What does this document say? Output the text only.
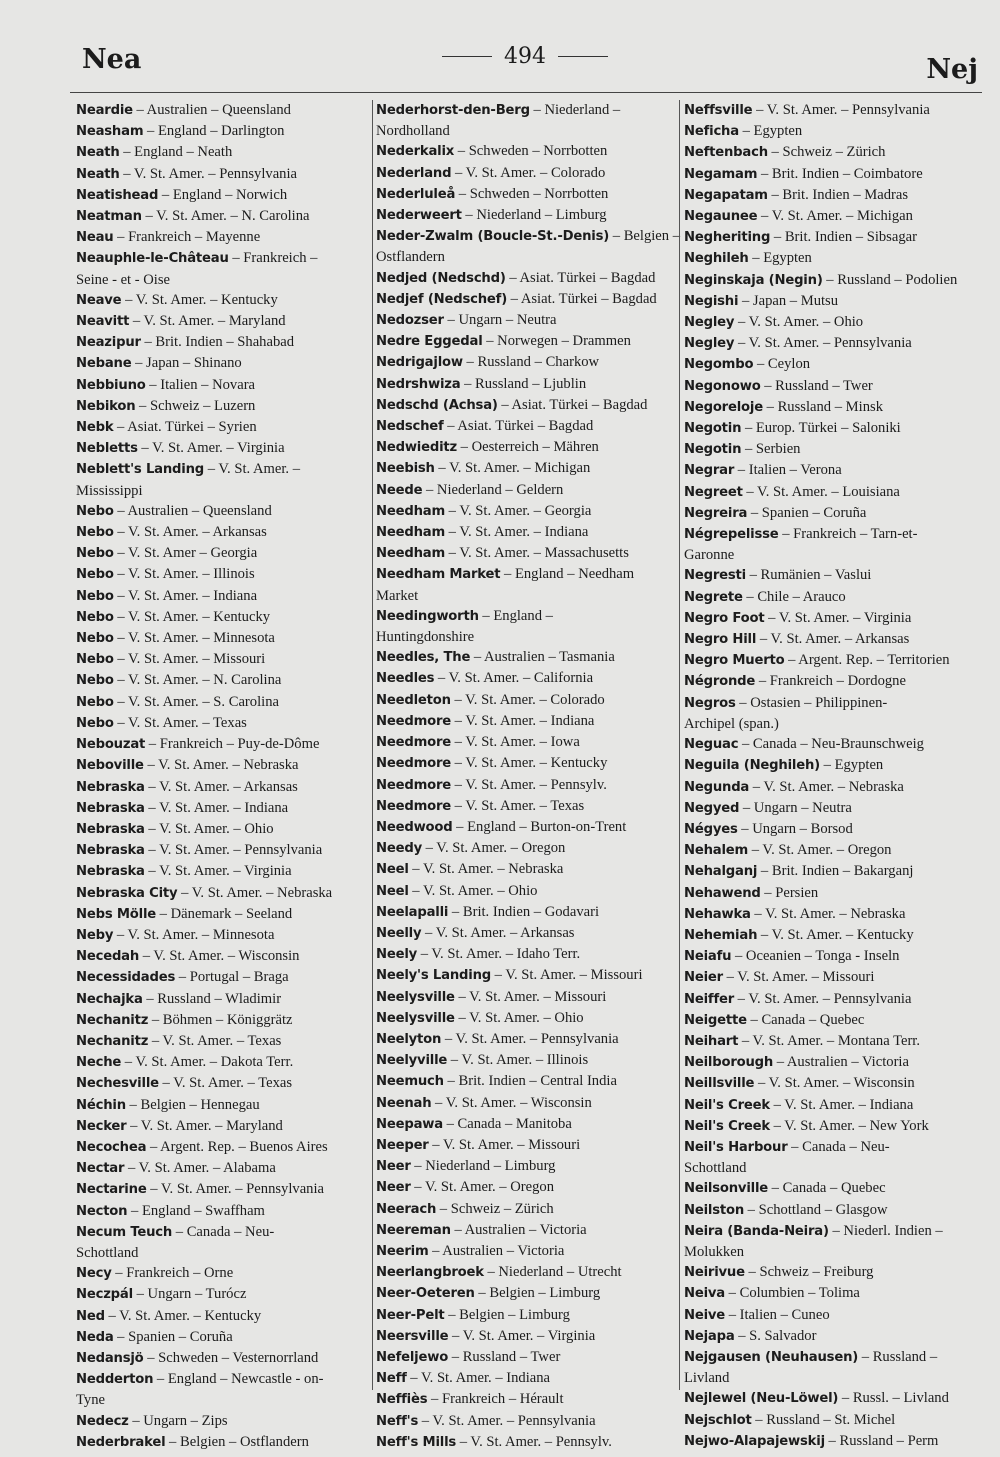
Nea	494	Nej
Neardie – Australien – Queensland
Neasham – England – Darlington
Neath – England – Neath
Neath – V. St. Amer. – Pennsylvania
Neatishead – England – Norwich
Neatman – V. St. Amer. – N. Carolina
Neau – Frankreich – Mayenne
Neauphle-le-Château – Frankreich –
Seine - et - Oise
Neave – V. St. Amer. – Kentucky
Neavitt – V. St. Amer. – Maryland
Neazipur – Brit. Indien – Shahabad
Nebane – Japan – Shinano
Nebbiuno – Italien – Novara
Nebikon – Schweiz – Luzern
Nebk – Asiat. Türkei – Syrien
Nebletts – V. St. Amer. – Virginia
Neblett's Landing – V. St. Amer. –
Mississippi
Nebo – Australien – Queensland
Nebo – V. St. Amer. – Arkansas
Nebo – V. St. Amer – Georgia
Nebo – V. St. Amer. – Illinois
Nebo – V. St. Amer. – Indiana
Nebo – V. St. Amer. – Kentucky
Nebo – V. St. Amer. – Minnesota
Nebo – V. St. Amer. – Missouri
Nebo – V. St. Amer. – N. Carolina
Nebo – V. St. Amer. – S. Carolina
Nebo – V. St. Amer. – Texas
Nebouzat – Frankreich – Puy-de-Dôme
Neboville – V. St. Amer. – Nebraska
Nebraska – V. St. Amer. – Arkansas
Nebraska – V. St. Amer. – Indiana
Nebraska – V. St. Amer. – Ohio
Nebraska – V. St. Amer. – Pennsylvania
Nebraska – V. St. Amer. – Virginia
Nebraska City – V. St. Amer. – Nebraska
Nebs Mölle – Dänemark – Seeland
Neby – V. St. Amer. – Minnesota
Necedah – V. St. Amer. – Wisconsin
Necessidades – Portugal – Braga
Nechajka – Russland – Wladimir
Nechanitz – Böhmen – Königgrätz
Nechanitz – V. St. Amer. – Texas
Neche – V. St. Amer. – Dakota Terr.
Nechesville – V. St. Amer. – Texas
Néchin – Belgien – Hennegau
Necker – V. St. Amer. – Maryland
Necochea – Argent. Rep. – Buenos Aires
Nectar – V. St. Amer. – Alabama
Nectarine – V. St. Amer. – Pennsylvania
Necton – England – Swaffham
Necum Teuch – Canada – Neu-
Schottland
Necy – Frankreich – Orne
Neczpál – Ungarn – Turócz
Ned – V. St. Amer. – Kentucky
Neda – Spanien – Coruña
Nedansjö – Schweden – Vesternorrland
Nedderton – England – Newcastle - on-
Tyne
Nedecz – Ungarn – Zips
Nederbrakel – Belgien – Ostflandern
Nederhorst-den-Berg – Niederland –
Nordholland
Nederkalix – Schweden – Norrbotten
Nederland – V. St. Amer. – Colorado
Nederluleå – Schweden – Norrbotten
Nederweert – Niederland – Limburg
Neder-Zwalm (Boucle-St.-Denis) – Belgien –
Ostflandern
Nedjed (Nedschd) – Asiat. Türkei – Bagdad
Nedjef (Nedschef) – Asiat. Türkei – Bagdad
Nedozser – Ungarn – Neutra
Nedre Eggedal – Norwegen – Drammen
Nedrigajlow – Russland – Charkow
Nedrshwiza – Russland – Ljublin
Nedschd (Achsa) – Asiat. Türkei – Bagdad
Nedschef – Asiat. Türkei – Bagdad
Nedwieditz – Oesterreich – Mähren
Neebish – V. St. Amer. – Michigan
Neede – Niederland – Geldern
Needham – V. St. Amer. – Georgia
Needham – V. St. Amer. – Indiana
Needham – V. St. Amer. – Massachusetts
Needham Market – England – Needham
Market
Needingworth – England –
Huntingdonshire
Needles, The – Australien – Tasmania
Needles – V. St. Amer. – California
Needleton – V. St. Amer. – Colorado
Needmore – V. St. Amer. – Indiana
Needmore – V. St. Amer. – Iowa
Needmore – V. St. Amer. – Kentucky
Needmore – V. St. Amer. – Pennsylv.
Needmore – V. St. Amer. – Texas
Needwood – England – Burton-on-Trent
Needy – V. St. Amer. – Oregon
Neel – V. St. Amer. – Nebraska
Neel – V. St. Amer. – Ohio
Neelapalli – Brit. Indien – Godavari
Neelly – V. St. Amer. – Arkansas
Neely – V. St. Amer. – Idaho Terr.
Neely's Landing – V. St. Amer. – Missouri
Neelysville – V. St. Amer. – Missouri
Neelysville – V. St. Amer. – Ohio
Neelyton – V. St. Amer. – Pennsylvania
Neelyville – V. St. Amer. – Illinois
Neemuch – Brit. Indien – Central India
Neenah – V. St. Amer. – Wisconsin
Neepawa – Canada – Manitoba
Neeper – V. St. Amer. – Missouri
Neer – Niederland – Limburg
Neer – V. St. Amer. – Oregon
Neerach – Schweiz – Zürich
Neereman – Australien – Victoria
Neerim – Australien – Victoria
Neerlangbroek – Niederland – Utrecht
Neer-Oeteren – Belgien – Limburg
Neer-Pelt – Belgien – Limburg
Neersville – V. St. Amer. – Virginia
Nefeljewo – Russland – Twer
Neff – V. St. Amer. – Indiana
Neffiès – Frankreich – Hérault
Neff's – V. St. Amer. – Pennsylvania
Neff's Mills – V. St. Amer. – Pennsylv.
Neffsville – V. St. Amer. – Pennsylvania
Neficha – Egypten
Neftenbach – Schweiz – Zürich
Negamam – Brit. Indien – Coimbatore
Negapatam – Brit. Indien – Madras
Negaunee – V. St. Amer. – Michigan
Negheriting – Brit. Indien – Sibsagar
Neghileh – Egypten
Neginskaja (Negin) – Russland – Podolien
Negishi – Japan – Mutsu
Negley – V. St. Amer. – Ohio
Negley – V. St. Amer. – Pennsylvania
Negombo – Ceylon
Negonowo – Russland – Twer
Negoreloje – Russland – Minsk
Negotin – Europ. Türkei – Saloniki
Negotin – Serbien
Negrar – Italien – Verona
Negreet – V. St. Amer. – Louisiana
Negreira – Spanien – Coruña
Négrepelisse – Frankreich – Tarn-et-
Garonne
Negresti – Rumänien – Vaslui
Negrete – Chile – Arauco
Negro Foot – V. St. Amer. – Virginia
Negro Hill – V. St. Amer. – Arkansas
Negro Muerto – Argent. Rep. – Territorien
Négronde – Frankreich – Dordogne
Negros – Ostasien – Philippinen-
Archipel (span.)
Neguac – Canada – Neu-Braunschweig
Neguila (Neghileh) – Egypten
Negunda – V. St. Amer. – Nebraska
Negyed – Ungarn – Neutra
Négyes – Ungarn – Borsod
Nehalem – V. St. Amer. – Oregon
Nehalganj – Brit. Indien – Bakarganj
Nehawend – Persien
Nehawka – V. St. Amer. – Nebraska
Nehemiah – V. St. Amer. – Kentucky
Neiafu – Oceanien – Tonga - Inseln
Neier – V. St. Amer. – Missouri
Neiffer – V. St. Amer. – Pennsylvania
Neigette – Canada – Quebec
Neihart – V. St. Amer. – Montana Terr.
Neilborough – Australien – Victoria
Neillsville – V. St. Amer. – Wisconsin
Neil's Creek – V. St. Amer. – Indiana
Neil's Creek – V. St. Amer. – New York
Neil's Harbour – Canada – Neu-
Schottland
Neilsonville – Canada – Quebec
Neilston – Schottland – Glasgow
Neira (Banda-Neira) – Niederl. Indien –
Molukken
Neirivue – Schweiz – Freiburg
Neiva – Columbien – Tolima
Neive – Italien – Cuneo
Nejapa – S. Salvador
Nejgausen (Neuhausen) – Russland –
Livland
Nejlewel (Neu-Löwel) – Russl. – Livland
Nejschlot – Russland – St. Michel
Nejwo-Alapajewskij – Russland – Perm
